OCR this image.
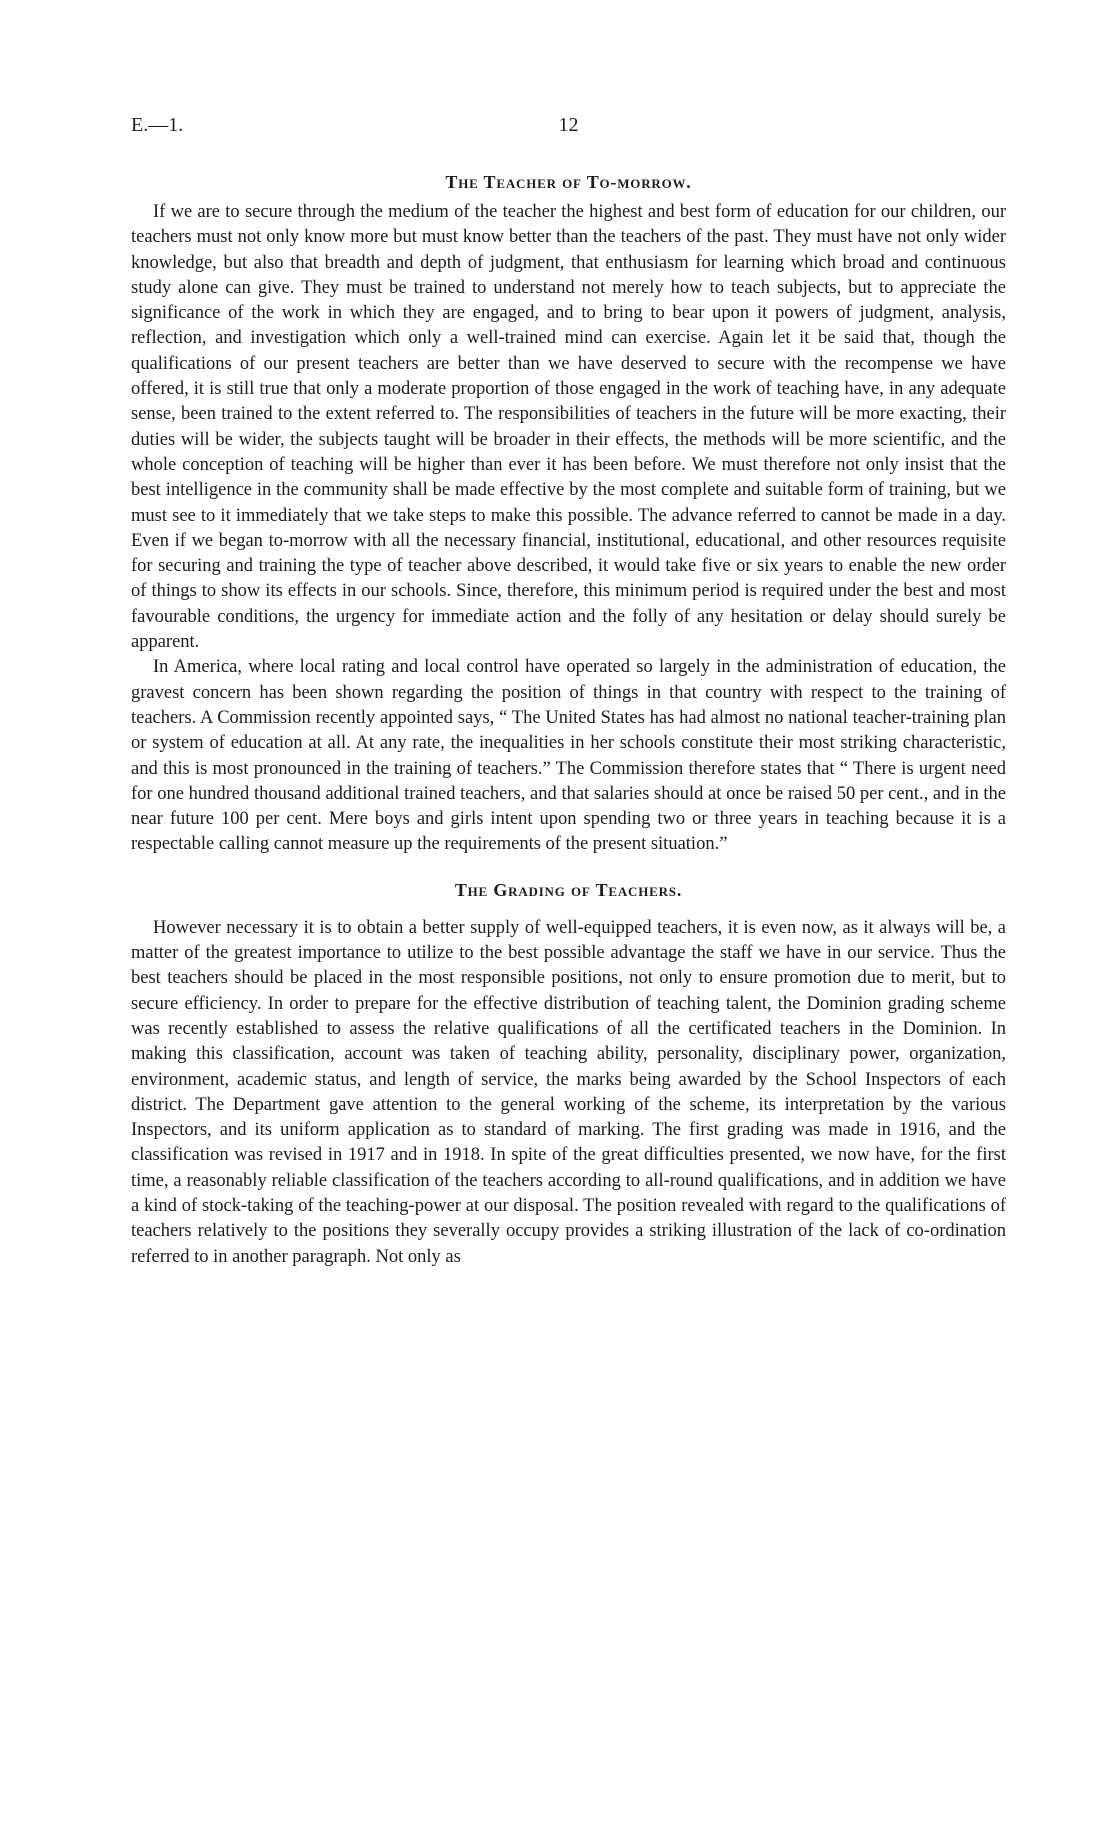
E.—1.	12
The Teacher of To-morrow.

If we are to secure through the medium of the teacher the highest and best form of education for our children, our teachers must not only know more but must know better than the teachers of the past. They must have not only wider knowledge, but also that breadth and depth of judgment, that enthusiasm for learning which broad and continuous study alone can give. They must be trained to understand not merely how to teach subjects, but to appreciate the significance of the work in which they are engaged, and to bring to bear upon it powers of judgment, analysis, reflection, and investigation which only a well-trained mind can exercise. Again let it be said that, though the qualifications of our present teachers are better than we have deserved to secure with the recompense we have offered, it is still true that only a moderate proportion of those engaged in the work of teaching have, in any adequate sense, been trained to the extent referred to. The responsibilities of teachers in the future will be more exacting, their duties will be wider, the subjects taught will be broader in their effects, the methods will be more scientific, and the whole conception of teaching will be higher than ever it has been before. We must therefore not only insist that the best intelligence in the community shall be made effective by the most complete and suitable form of training, but we must see to it immediately that we take steps to make this possible. The advance referred to cannot be made in a day. Even if we began to-morrow with all the necessary financial, institutional, educational, and other resources requisite for securing and training the type of teacher above described, it would take five or six years to enable the new order of things to show its effects in our schools. Since, therefore, this minimum period is required under the best and most favourable conditions, the urgency for immediate action and the folly of any hesitation or delay should surely be apparent.

In America, where local rating and local control have operated so largely in the administration of education, the gravest concern has been shown regarding the position of things in that country with respect to the training of teachers. A Commission recently appointed says, “ The United States has had almost no national teacher-training plan or system of education at all. At any rate, the inequalities in her schools constitute their most striking characteristic, and this is most pronounced in the training of teachers.” The Commission therefore states that “ There is urgent need for one hundred thousand additional trained teachers, and that salaries should at once be raised 50 per cent., and in the near future 100 per cent. Mere boys and girls intent upon spending two or three years in teaching because it is a respectable calling cannot measure up the requirements of the present situation.”

The Grading of Teachers.

However necessary it is to obtain a better supply of well-equipped teachers, it is even now, as it always will be, a matter of the greatest importance to utilize to the best possible advantage the staff we have in our service. Thus the best teachers should be placed in the most responsible positions, not only to ensure promotion due to merit, but to secure efficiency. In order to prepare for the effective distribution of teaching talent, the Dominion grading scheme was recently established to assess the relative qualifications of all the certificated teachers in the Dominion. In making this classification, account was taken of teaching ability, personality, disciplinary power, organization, environment, academic status, and length of service, the marks being awarded by the School Inspectors of each district. The Department gave attention to the general working of the scheme, its interpretation by the various Inspectors, and its uniform application as to standard of marking. The first grading was made in 1916, and the classification was revised in 1917 and in 1918. In spite of the great difficulties presented, we now have, for the first time, a reasonably reliable classification of the teachers according to all-round qualifications, and in addition we have a kind of stock-taking of the teaching-power at our disposal. The position revealed with regard to the qualifications of teachers relatively to the positions they severally occupy provides a striking illustration of the lack of co-ordination referred to in another paragraph. Not only as
